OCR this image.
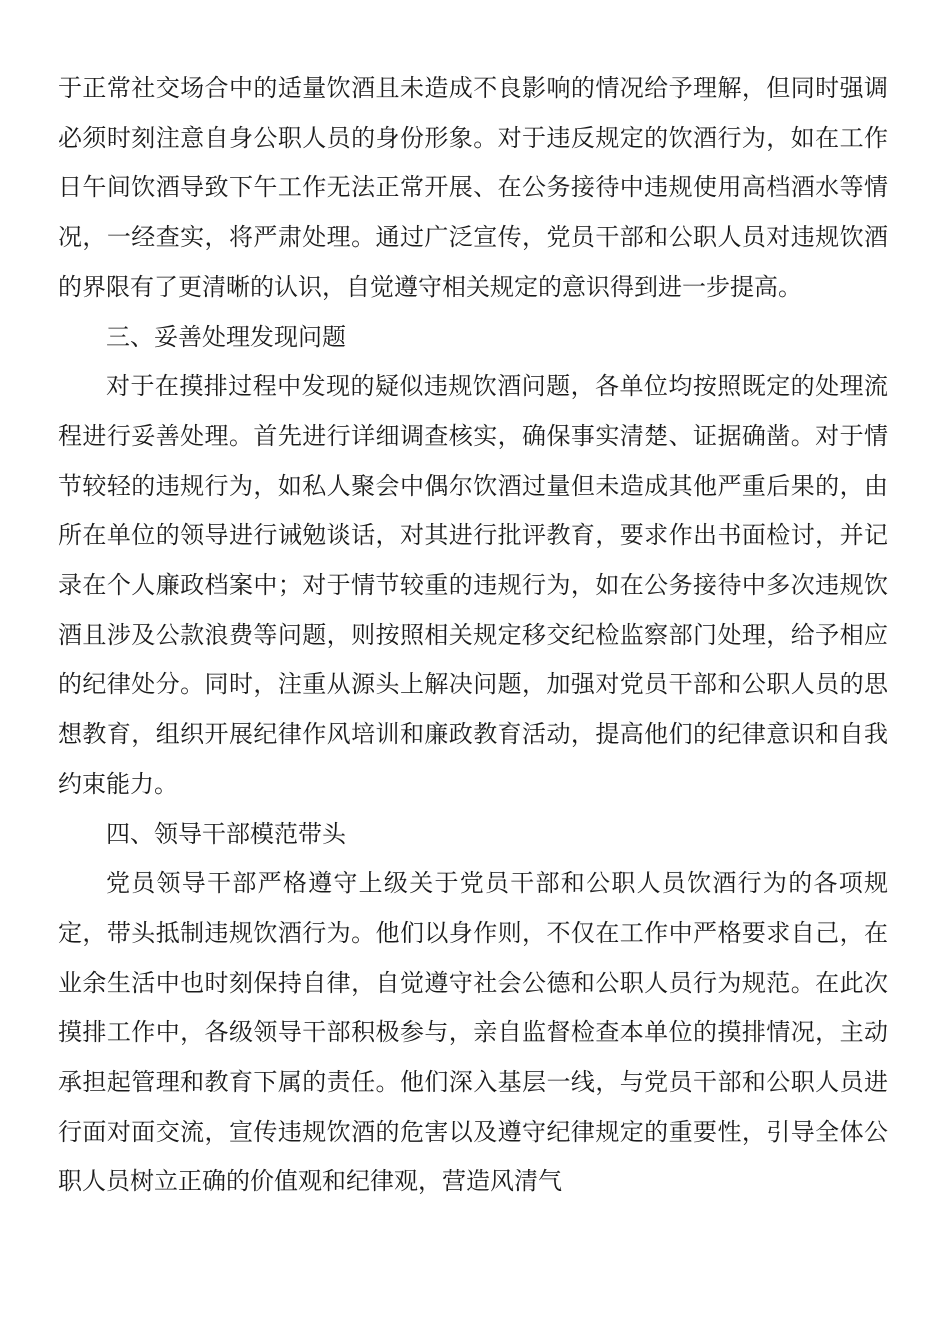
于正常社交场合中的适量饮酒且未造成不良影响的情况给予理解，但同时强调必须时刻注意自身公职人员的身份形象。对于违反规定的饮酒行为，如在工作日午间饮酒导致下午工作无法正常开展、在公务接待中违规使用高档酒水等情况，一经查实，将严肃处理。通过广泛宣传，党员干部和公职人员对违规饮酒的界限有了更清晰的认识，自觉遵守相关规定的意识得到进一步提高。

三、妥善处理发现问题

对于在摸排过程中发现的疑似违规饮酒问题，各单位均按照既定的处理流程进行妥善处理。首先进行详细调查核实，确保事实清楚、证据确凿。对于情节较轻的违规行为，如私人聚会中偶尔饮酒过量但未造成其他严重后果的，由所在单位的领导进行诫勉谈话，对其进行批评教育，要求作出书面检讨，并记录在个人廉政档案中；对于情节较重的违规行为，如在公务接待中多次违规饮酒且涉及公款浪费等问题，则按照相关规定移交纪检监察部门处理，给予相应的纪律处分。同时，注重从源头上解决问题，加强对党员干部和公职人员的思想教育，组织开展纪律作风培训和廉政教育活动，提高他们的纪律意识和自我约束能力。

四、领导干部模范带头

党员领导干部严格遵守上级关于党员干部和公职人员饮酒行为的各项规定，带头抵制违规饮酒行为。他们以身作则，不仅在工作中严格要求自己，在业余生活中也时刻保持自律，自觉遵守社会公德和公职人员行为规范。在此次摸排工作中，各级领导干部积极参与，亲自监督检查本单位的摸排情况，主动承担起管理和教育下属的责任。他们深入基层一线，与党员干部和公职人员进行面对面交流，宣传违规饮酒的危害以及遵守纪律规定的重要性，引导全体公职人员树立正确的价值观和纪律观，营造风清气
